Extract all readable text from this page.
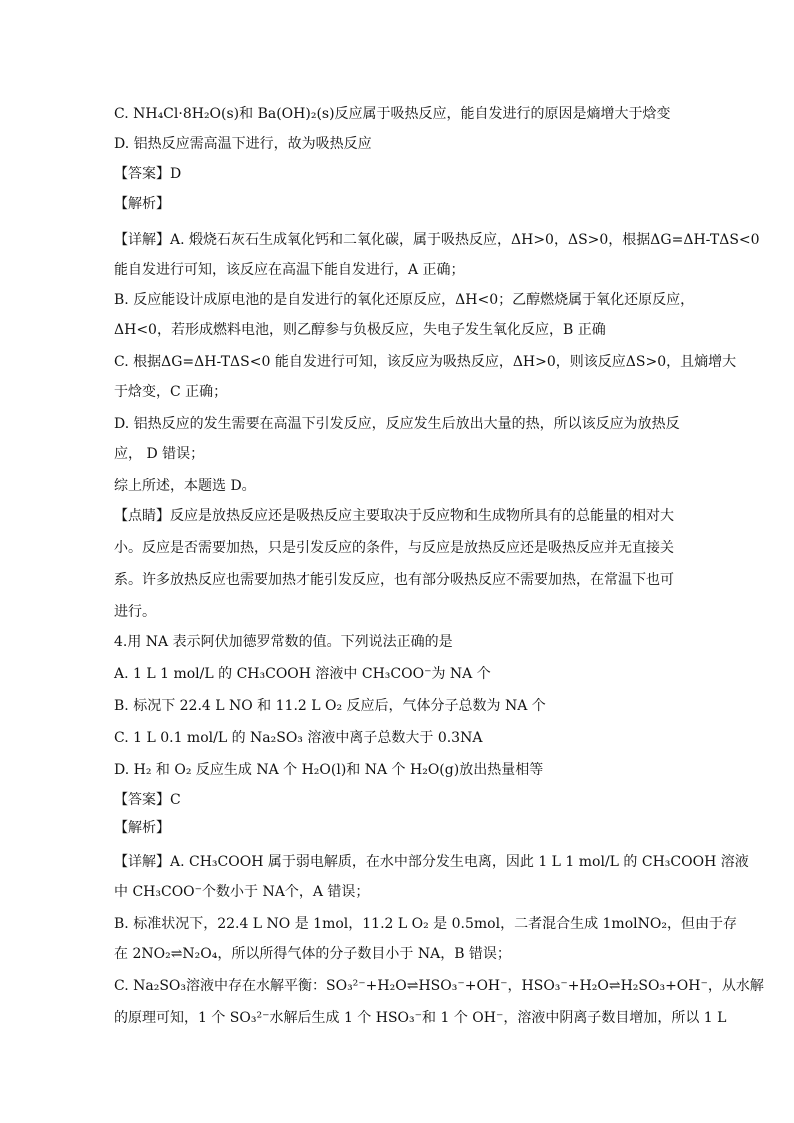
C. NH₄Cl·8H₂O(s)和 Ba(OH)₂(s)反应属于吸热反应，能自发进行的原因是熵增大于焓变
D. 铝热反应需高温下进行，故为吸热反应
【答案】D
【解析】
【详解】A. 煅烧石灰石生成氧化钙和二氧化碳，属于吸热反应，ΔH>0，ΔS>0，根据ΔG=ΔH-TΔS<0
能自发进行可知，该反应在高温下能自发进行，A 正确；
B. 反应能设计成原电池的是自发进行的氧化还原反应，ΔH<0；乙醇燃烧属于氧化还原反应，
ΔH<0，若形成燃料电池，则乙醇参与负极反应，失电子发生氧化反应，B 正确
C. 根据ΔG=ΔH-TΔS<0 能自发进行可知，该反应为吸热反应，ΔH>0，则该反应ΔS>0，且熵增大
于焓变，C 正确；
D. 铝热反应的发生需要在高温下引发反应，反应发生后放出大量的热，所以该反应为放热反
应， D 错误；
综上所述，本题选 D。
【点睛】反应是放热反应还是吸热反应主要取决于反应物和生成物所具有的总能量的相对大
小。反应是否需要加热，只是引发反应的条件，与反应是放热反应还是吸热反应并无直接关
系。许多放热反应也需要加热才能引发反应，也有部分吸热反应不需要加热，在常温下也可
进行。
4.用 NA 表示阿伏加德罗常数的值。下列说法正确的是
A. 1 L 1 mol/L 的 CH₃COOH 溶液中 CH₃COO⁻为 NA 个
B. 标况下 22.4 L NO 和 11.2 L O₂ 反应后，气体分子总数为 NA 个
C. 1 L 0.1 mol/L 的 Na₂SO₃ 溶液中离子总数大于 0.3NA
D. H₂ 和 O₂ 反应生成 NA 个 H₂O(l)和 NA 个 H₂O(g)放出热量相等
【答案】C
【解析】
【详解】A. CH₃COOH 属于弱电解质，在水中部分发生电离，因此 1 L 1 mol/L 的 CH₃COOH 溶液
中 CH₃COO⁻个数小于 NA个，A 错误；
B. 标准状况下，22.4 L NO 是 1mol，11.2 L O₂ 是 0.5mol，二者混合生成 1molNO₂，但由于存
在 2NO₂⇌N₂O₄，所以所得气体的分子数目小于 NA，B 错误；
C. Na₂SO₃溶液中存在水解平衡：SO₃²⁻+H₂O⇌HSO₃⁻+OH⁻，HSO₃⁻+H₂O⇌H₂SO₃+OH⁻，从水解
的原理可知，1 个 SO₃²⁻水解后生成 1 个 HSO₃⁻和 1 个 OH⁻，溶液中阴离子数目增加，所以 1 L
